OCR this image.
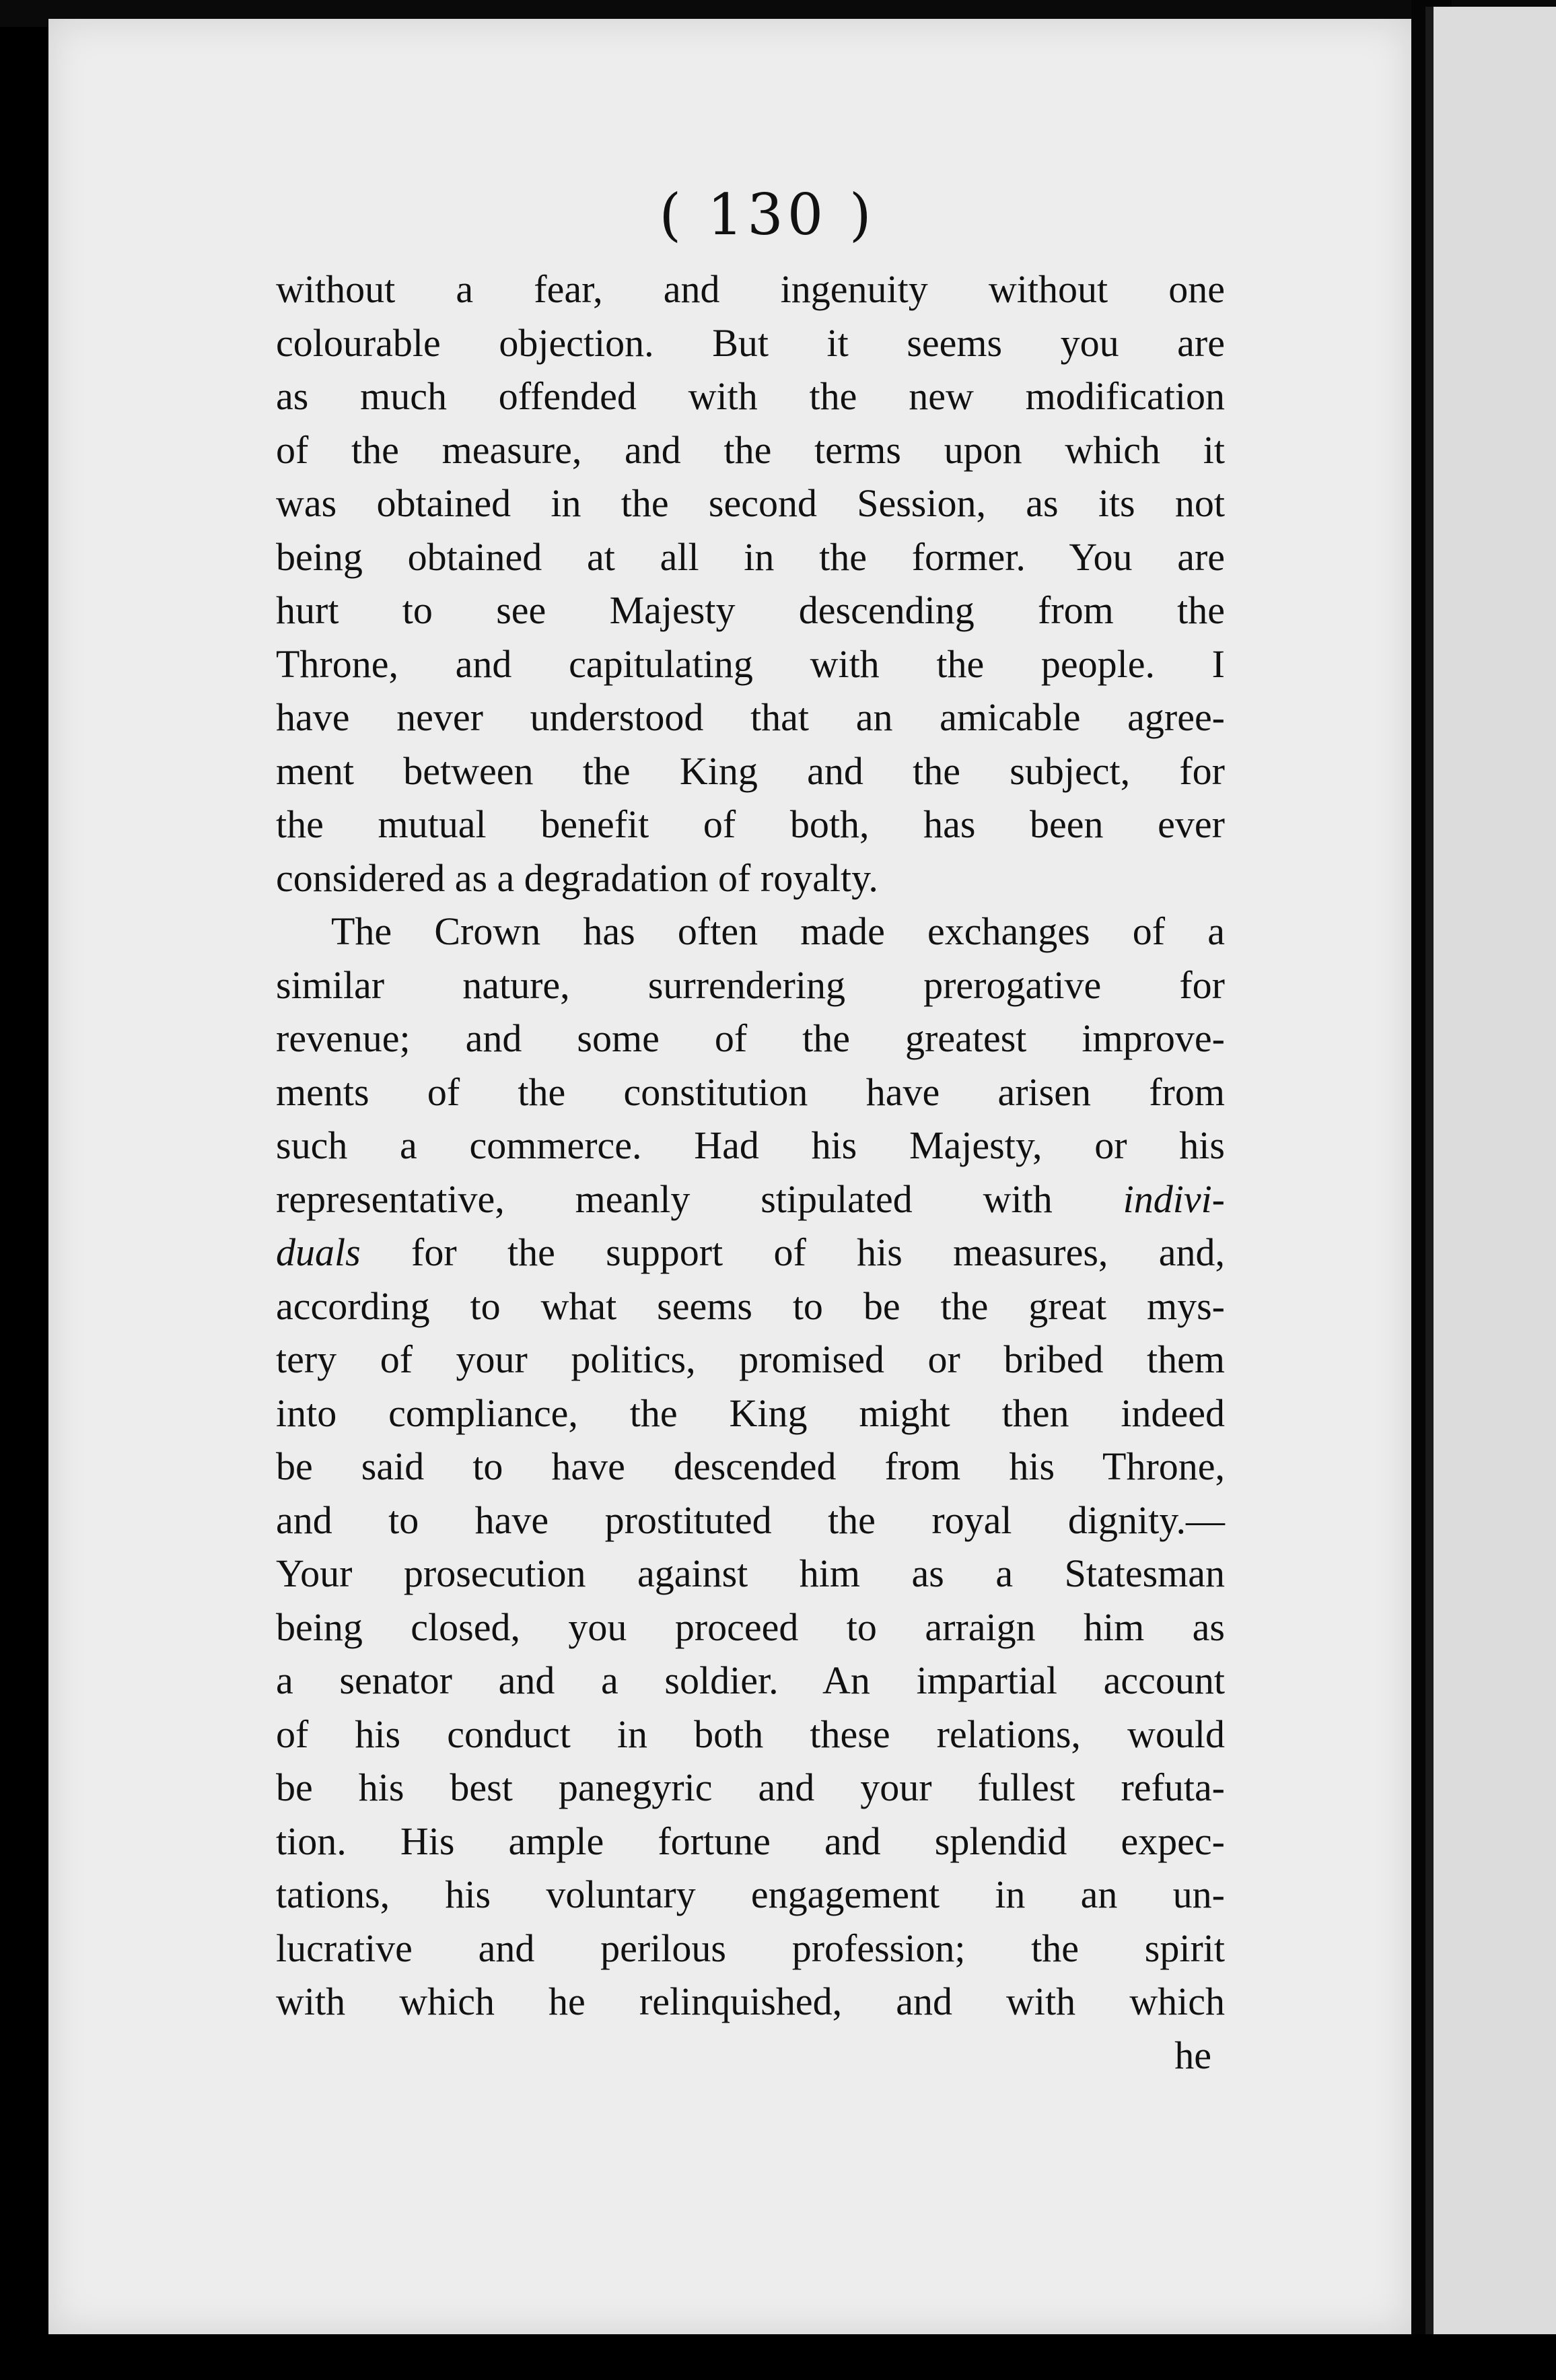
( 130 )
without a fear, and ingenuity without one
colourable objection. But it seems you are
as much offended with the new modification
of the measure, and the terms upon which it
was obtained in the second Session, as its not
being obtained at all in the former. You are
hurt to see Majesty descending from the
Throne, and capitulating with the people. I
have never understood that an amicable agree-
ment between the King and the subject, for
the mutual benefit of both, has been ever
considered as a degradation of royalty.
The Crown has often made exchanges of a
similar nature, surrendering prerogative for
revenue; and some of the greatest improve-
ments of the constitution have arisen from
such a commerce. Had his Majesty, or his
representative, meanly stipulated with indivi-
duals for the support of his measures, and,
according to what seems to be the great mys-
tery of your politics, promised or bribed them
into compliance, the King might then indeed
be said to have descended from his Throne,
and to have prostituted the royal dignity.—
Your prosecution against him as a Statesman
being closed, you proceed to arraign him as
a senator and a soldier. An impartial account
of his conduct in both these relations, would
be his best panegyric and your fullest refuta-
tion. His ample fortune and splendid expec-
tations, his voluntary engagement in an un-
lucrative and perilous profession; the spirit
with which he relinquished, and with which
he
